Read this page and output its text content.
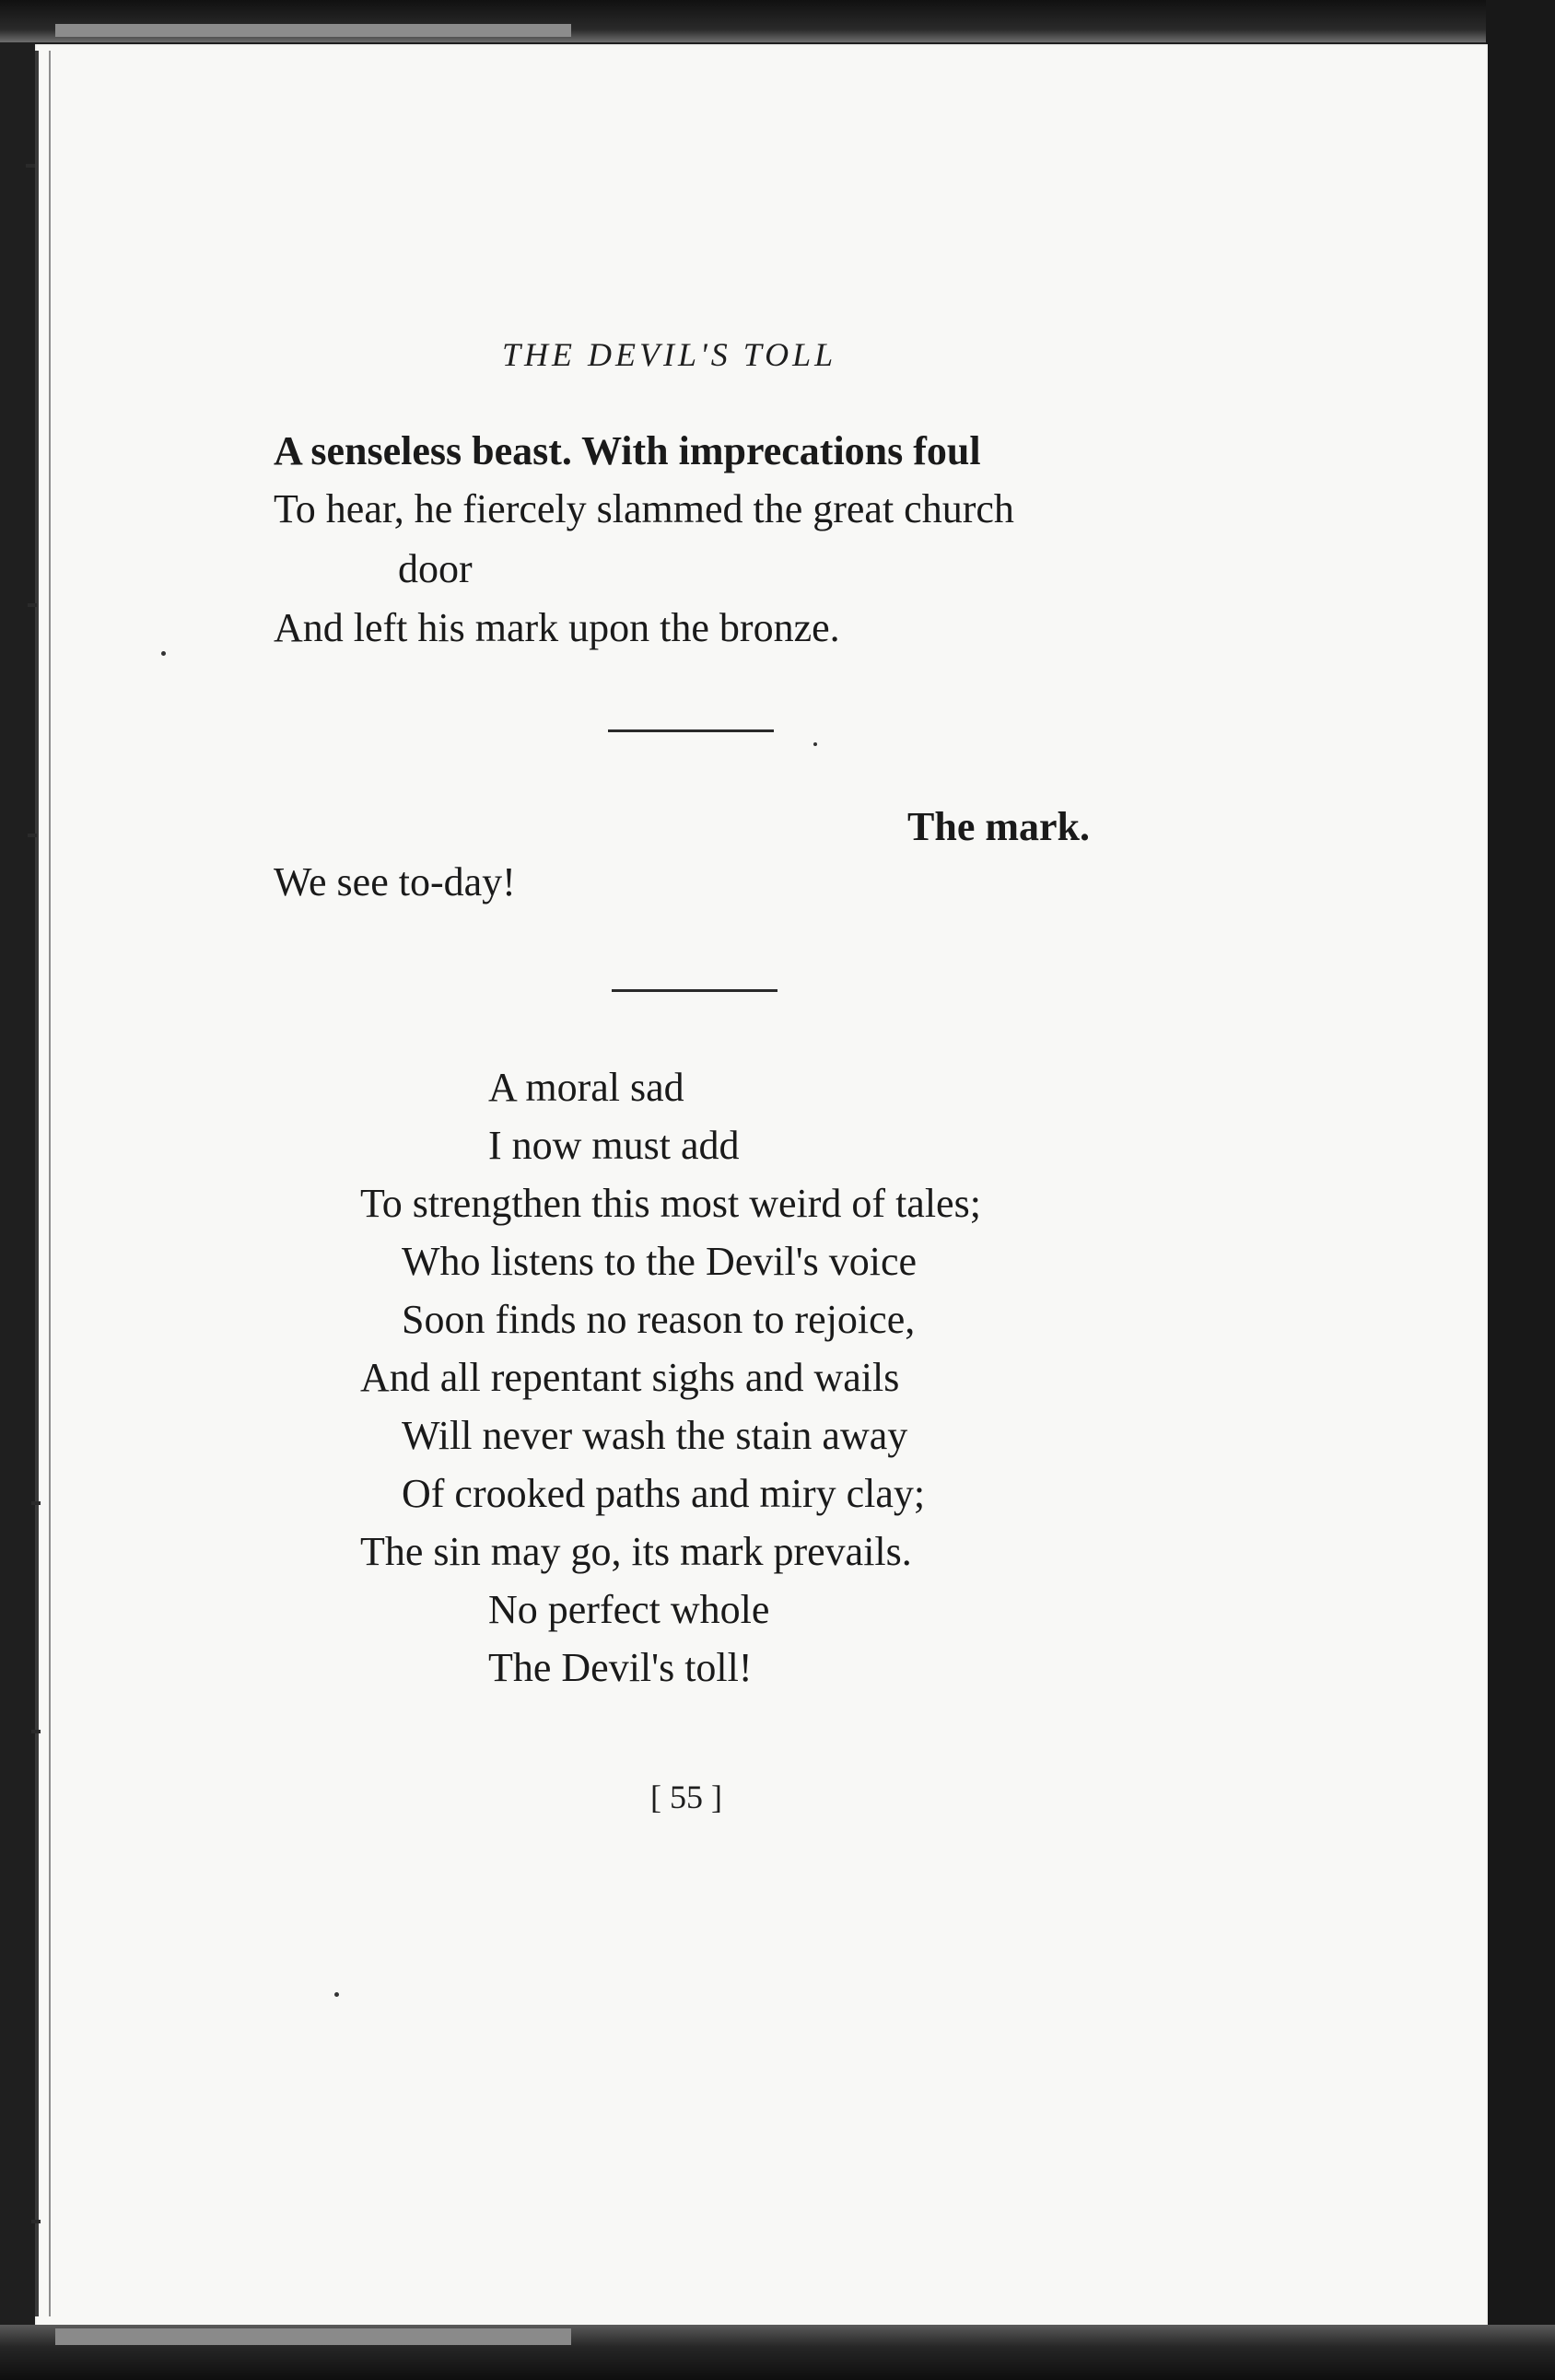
THE DEVIL'S TOLL
A senseless beast. With imprecations foul
To hear, he fiercely slammed the great church
door
And left his mark upon the bronze.
The mark.
We see to-day!
A moral sad
I now must add
To strengthen this most weird of tales;
Who listens to the Devil's voice
Soon finds no reason to rejoice,
And all repentant sighs and wails
Will never wash the stain away
Of crooked paths and miry clay;
The sin may go, its mark prevails.
No perfect whole
The Devil's toll!
[ 55 ]
